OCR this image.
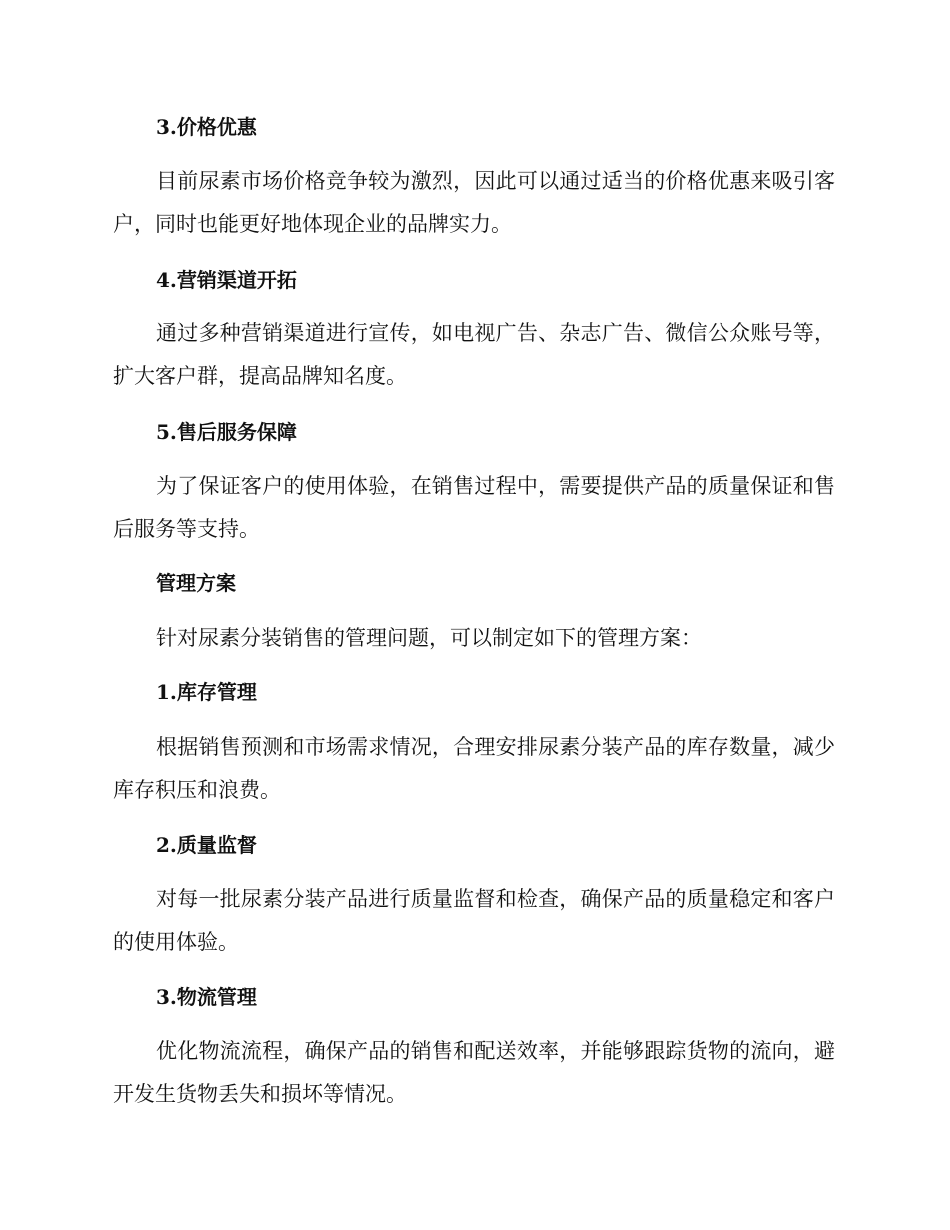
3.价格优惠

目前尿素市场价格竞争较为激烈，因此可以通过适当的价格优惠来吸引客户，同时也能更好地体现企业的品牌实力。

4.营销渠道开拓

通过多种营销渠道进行宣传，如电视广告、杂志广告、微信公众账号等，扩大客户群，提高品牌知名度。

5.售后服务保障

为了保证客户的使用体验，在销售过程中，需要提供产品的质量保证和售后服务等支持。

管理方案

针对尿素分装销售的管理问题，可以制定如下的管理方案：

1.库存管理

根据销售预测和市场需求情况，合理安排尿素分装产品的库存数量，减少库存积压和浪费。

2.质量监督

对每一批尿素分装产品进行质量监督和检查，确保产品的质量稳定和客户的使用体验。

3.物流管理

优化物流流程，确保产品的销售和配送效率，并能够跟踪货物的流向，避开发生货物丢失和损坏等情况。
